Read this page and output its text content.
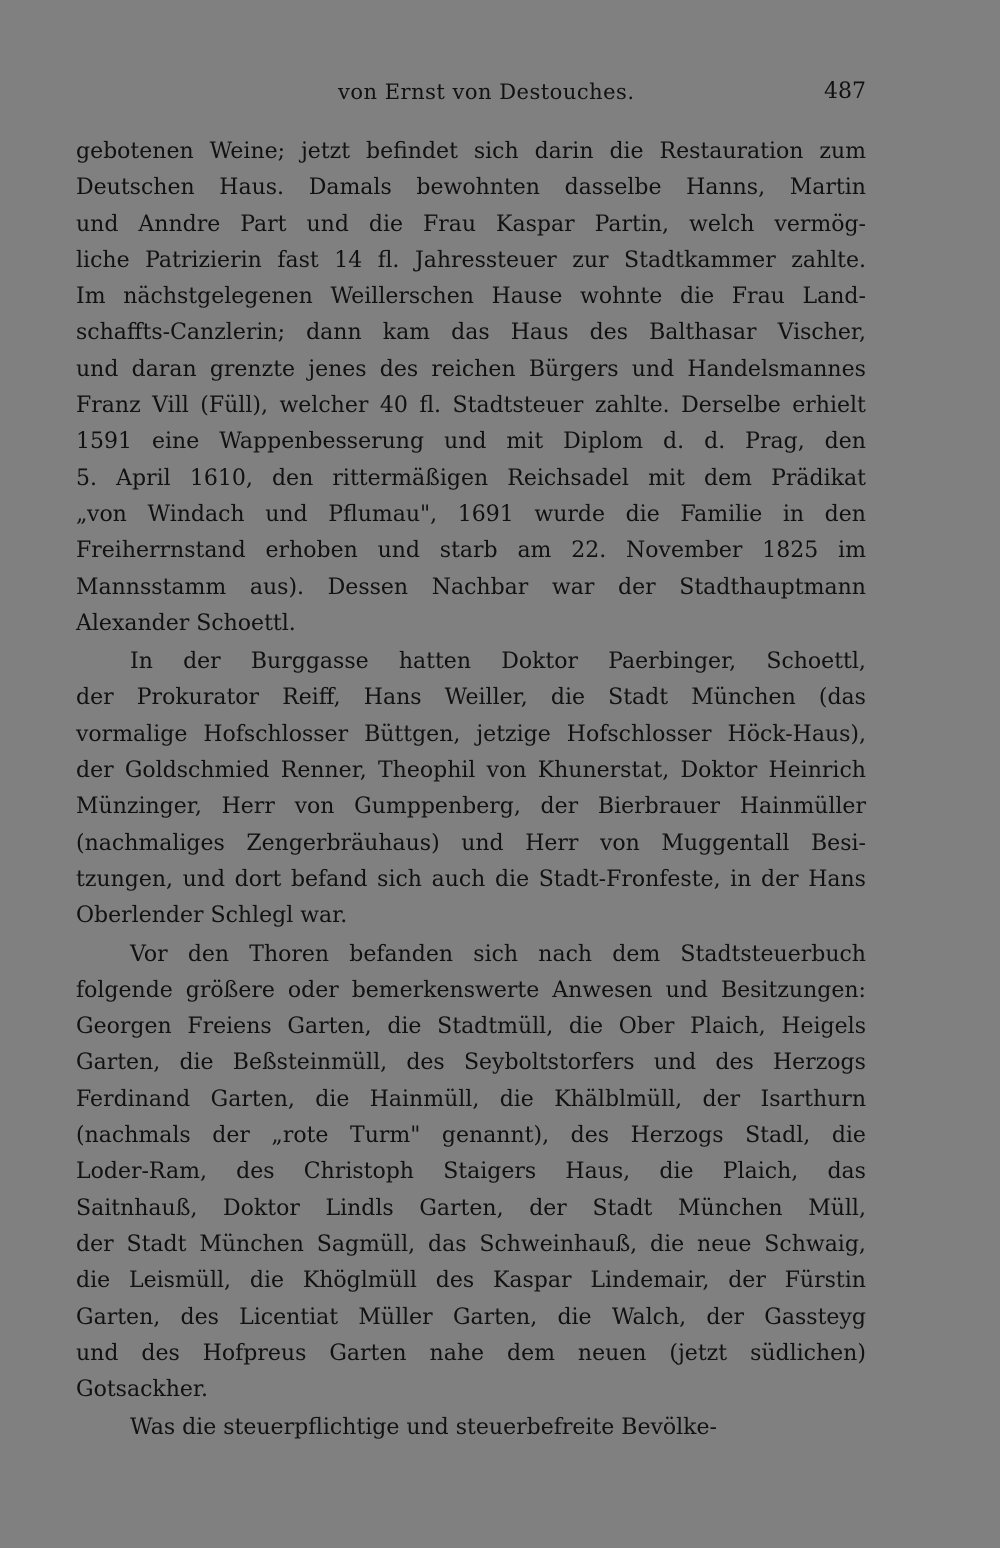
von Ernst von Destouches.	487
gebotenen Weine; jetzt befindet sich darin die Restauration zum
Deutschen Haus. Damals bewohnten dasselbe Hanns, Martin
und Anndre Part und die Frau Kaspar Partin, welch vermög-
liche Patrizierin fast 14 fl. Jahressteuer zur Stadtkammer zahlte.
Im nächstgelegenen Weillerschen Hause wohnte die Frau Land-
schaffts-Canzlerin; dann kam das Haus des Balthasar Vischer,
und daran grenzte jenes des reichen Bürgers und Handelsmannes
Franz Vill (Füll), welcher 40 fl. Stadtsteuer zahlte. Derselbe erhielt
1591 eine Wappenbesserung und mit Diplom d. d. Prag, den
5. April 1610, den rittermäßigen Reichsadel mit dem Prädikat
„von Windach und Pflumau", 1691 wurde die Familie in den
Freiherrnstand erhoben und starb am 22. November 1825 im
Mannsstamm aus). Dessen Nachbar war der Stadthauptmann
Alexander Schoettl.
In der Burggasse hatten Doktor Paerbinger, Schoettl,
der Prokurator Reiff, Hans Weiller, die Stadt München (das
vormalige Hofschlosser Büttgen, jetzige Hofschlosser Höck-Haus),
der Goldschmied Renner, Theophil von Khunerstat, Doktor Heinrich
Münzinger, Herr von Gumppenberg, der Bierbrauer Hainmüller
(nachmaliges Zengerbräuhaus) und Herr von Muggentall Besi-
tzungen, und dort befand sich auch die Stadt-Fronfeste, in der Hans
Oberlender Schlegl war.
Vor den Thoren befanden sich nach dem Stadtsteuerbuch
folgende größere oder bemerkenswerte Anwesen und Besitzungen:
Georgen Freiens Garten, die Stadtmüll, die Ober Plaich, Heigels
Garten, die Beßsteinmüll, des Seyboltstorfers und des Herzogs
Ferdinand Garten, die Hainmüll, die Khälblmüll, der Isarthurn
(nachmals der „rote Turm" genannt), des Herzogs Stadl, die
Loder-Ram, des Christoph Staigers Haus, die Plaich, das
Saitnhauß, Doktor Lindls Garten, der Stadt München Müll,
der Stadt München Sagmüll, das Schweinhauß, die neue Schwaig,
die Leismüll, die Khöglmüll des Kaspar Lindemair, der Fürstin
Garten, des Licentiat Müller Garten, die Walch, der Gassteyg
und des Hofpreus Garten nahe dem neuen (jetzt südlichen)
Gotsackher.
Was die steuerpflichtige und steuerbefreite Bevölke-
